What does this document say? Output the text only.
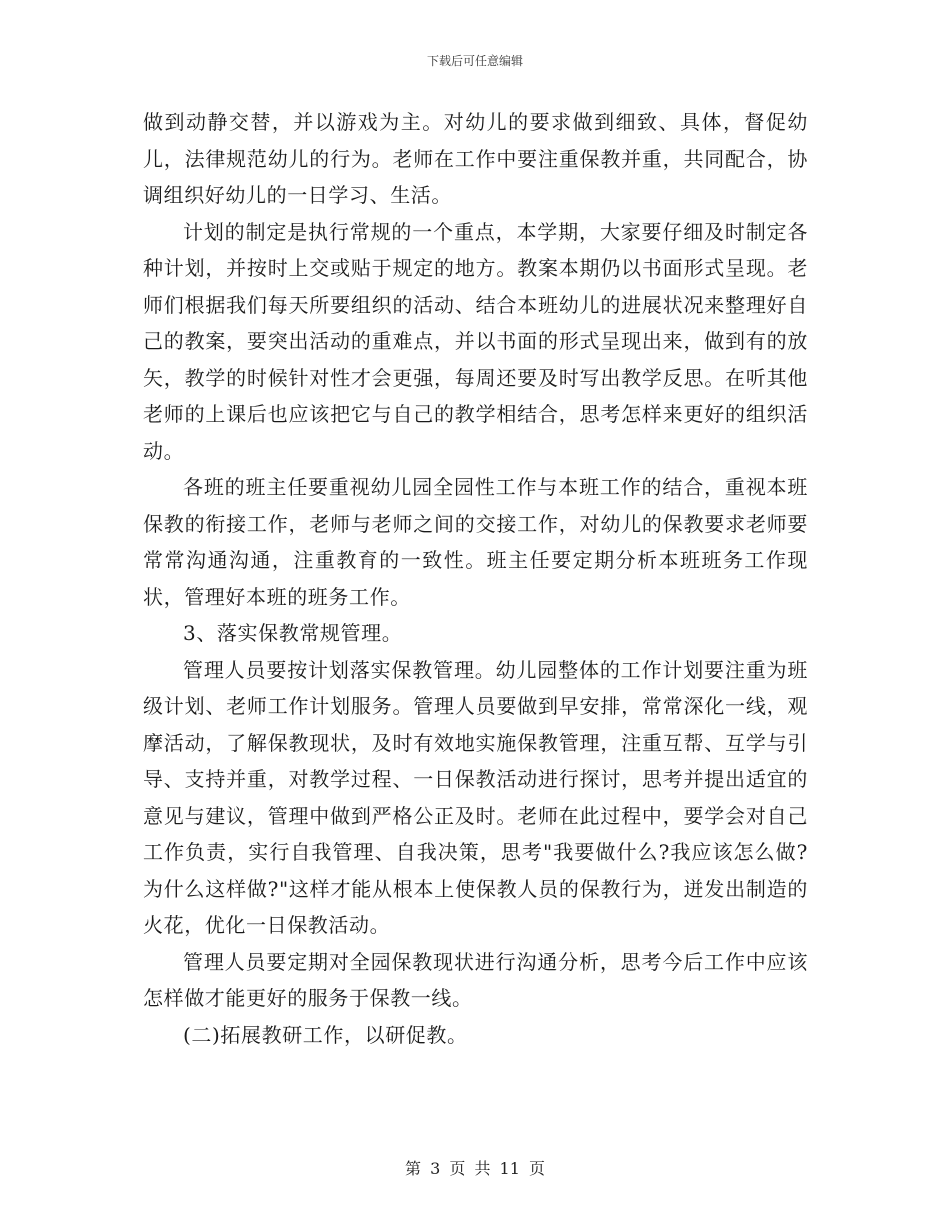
下载后可任意编辑

做到动静交替，并以游戏为主。对幼儿的要求做到细致、具体，督促幼儿，法律规范幼儿的行为。老师在工作中要注重保教并重，共同配合，协调组织好幼儿的一日学习、生活。

计划的制定是执行常规的一个重点，本学期，大家要仔细及时制定各种计划，并按时上交或贴于规定的地方。教案本期仍以书面形式呈现。老师们根据我们每天所要组织的活动、结合本班幼儿的进展状况来整理好自己的教案，要突出活动的重难点，并以书面的形式呈现出来，做到有的放矢，教学的时候针对性才会更强，每周还要及时写出教学反思。在听其他老师的上课后也应该把它与自己的教学相结合，思考怎样来更好的组织活动。

各班的班主任要重视幼儿园全园性工作与本班工作的结合，重视本班保教的衔接工作，老师与老师之间的交接工作，对幼儿的保教要求老师要常常沟通沟通，注重教育的一致性。班主任要定期分析本班班务工作现状，管理好本班的班务工作。

3、落实保教常规管理。

管理人员要按计划落实保教管理。幼儿园整体的工作计划要注重为班级计划、老师工作计划服务。管理人员要做到早安排，常常深化一线，观摩活动，了解保教现状，及时有效地实施保教管理，注重互帮、互学与引导、支持并重，对教学过程、一日保教活动进行探讨，思考并提出适宜的意见与建议，管理中做到严格公正及时。老师在此过程中，要学会对自己工作负责，实行自我管理、自我决策，思考"我要做什么?我应该怎么做?为什么这样做?"这样才能从根本上使保教人员的保教行为，迸发出制造的火花，优化一日保教活动。

管理人员要定期对全园保教现状进行沟通分析，思考今后工作中应该怎样做才能更好的服务于保教一线。

(二)拓展教研工作，以研促教。

第 3 页 共 11 页
